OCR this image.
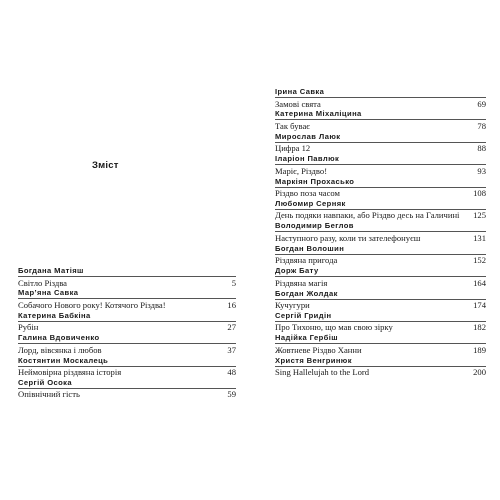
Зміст
Богдана Матіяш
Світло Різдва	5
Мар’яна Савка
Собачого Нового року! Котячого Різдва!	16
Катерина Бабкіна
Рубін	27
Галина Вдовиченко
Лорд, вівсянка і любов	37
Костянтин Москалець
Неймовірна різдвяна історія	48
Сергій Осока
Опівнічний гість	59
Ірина Савка
Замові свята	69
Катерина Міхаліцина
Так буває	78
Мирослав Лаюк
Цифра 12	88
Іларіон Павлюк
Маріє, Різдво!	93
Маркіян Прохасько
Різдво поза часом	108
Любомир Серняк
День подяки навпаки, або Різдво десь на Галичині 125
Володимир Беглов
Наступного разу, коли ти зателефонуєш	131
Богдан Волошин
Різдвяна пригода	152
Дорж Бату
Різдвяна магія	164
Богдан Жолдак
Кучугури	174
Сергій Гридін
Про Тихоню, що мав свою зірку	182
Надійка Гербіш
Жовтневе Різдво Ханни	189
Христя Венгринюк
Sing Hallelujah to the Lord	200
